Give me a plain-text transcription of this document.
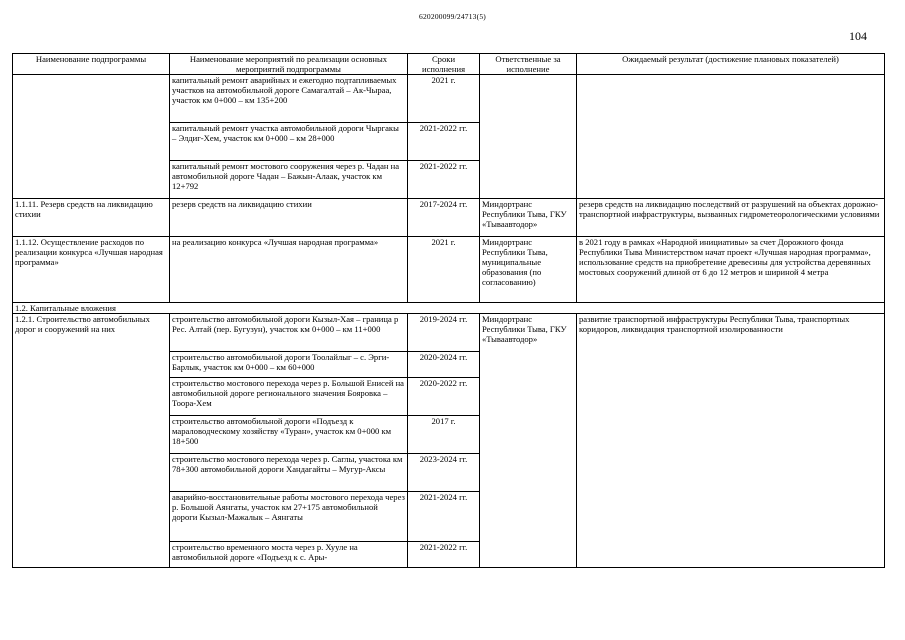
620200099/24713(5)
104
Наименование подпрограммы	Наименование мероприятий по реализации основных мероприятий подпрограммы	Сроки исполнения	Ответственные за исполнение	Ожидаемый результат (достижение плановых показателей)
	капитальный ремонт аварийных и ежегодно подтапливаемых участков на автомобильной дороге Самагалтай – Ак-Чыраа, участок км 0+000 – км 135+200	2021 г.		
	капитальный ремонт участка автомобильной дороги Чыргакы – Элдиг-Хем, участок км 0+000 – км 28+000	2021-2022 гг.		
	капитальный ремонт мостового сооружения через р. Чадан на автомобильной дороге Чадан – Бажын-Алаак, участок км 12+792	2021-2022 гг.		
1.1.11. Резерв средств на ликвидацию стихии	резерв средств на ликвидацию стихии	2017-2024 гг.	Миндортранс Республики Тыва, ГКУ «Тываавтодор»	резерв средств на ликвидацию последствий от разрушений на объектах дорожно-транспортной инфраструктуры, вызванных гидрометеорологическими условиями
1.1.12. Осуществление расходов по реализации конкурса «Лучшая народная программа»	на реализацию конкурса «Лучшая народная программа»	2021 г.	Миндортранс Республики Тыва, муниципальные образования (по согласованию)	в 2021 году в рамках «Народной инициативы» за счет Дорожного фонда Республики Тыва Министерством начат проект «Лучшая народная программа», использование средств на приобретение древесины для устройства деревянных мостовых сооружений длиной от 6 до 12 метров и шириной 4 метра
1.2. Капитальные вложения				
1.2.1. Строительство автомобильных дорог и сооружений на них	строительство автомобильной дороги Кызыл-Хая – граница р Рес. Алтай (пер. Бугузун), участок км 0+000 – км 11+000	2019-2024 гг.	Миндортранс Республики Тыва, ГКУ «Тываавтодор»	развитие транспортной инфраструктуры Республики Тыва, транспортных коридоров, ликвидация транспортной изолированности
	строительство автомобильной дороги Тоолайлыг – с. Эрги-Барлык, участок км 0+000 – км 60+000	2020-2024 гг.		
	строительство мостового перехода через р. Большой Енисей на автомобильной дороге регионального значения Бояровка – Тоора-Хем	2020-2022 гг.		
	строительство автомобильной дороги «Подъезд к мараловодческому хозяйству «Туран», участок км 0+000 км 18+500	2017 г.		
	строительство мостового перехода через р. Саглы, участока км 78+300 автомобильной дороги Хандагайты – Мугур-Аксы	2023-2024 гг.		
	аварийно-восстановительные работы мостового перехода через р. Большой Аянгаты, участок км 27+175 автомобильной дороги Кызыл-Мажалык – Аянгаты	2021-2024 гг.		
	строительство временного моста через р. Хууле на автомобильной дороге «Подъезд к с. Ары-	2021-2022 гг.		
